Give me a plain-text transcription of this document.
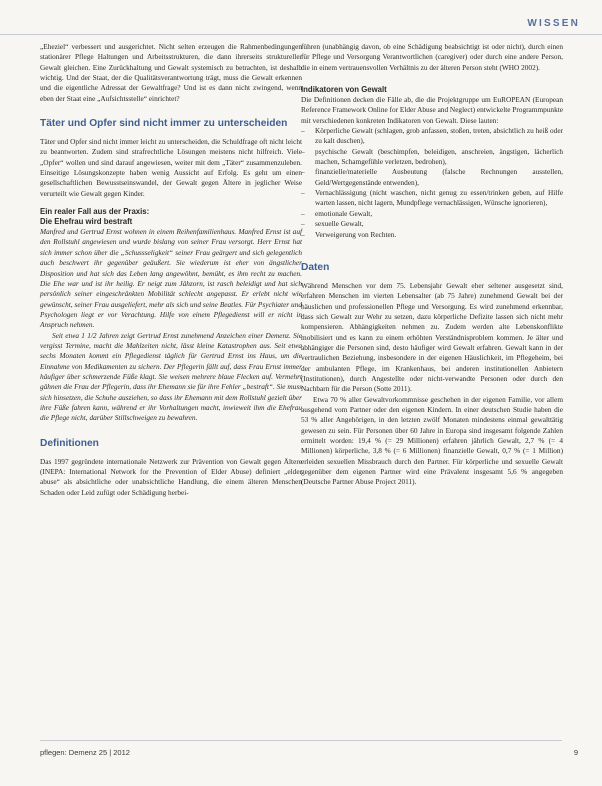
WISSEN

„Eheziel“ verbessert und ausgerichtet. Nicht selten erzeugen die Rahmenbedingungen stationärer Pflege Haltungen und Arbeitsstrukturen, die dann ihrerseits struktureller Gewalt gleichen. Eine Zurückhaltung und Gewalt systemisch zu betrachten, ist deshalb wichtig. Und der Staat, der die Qualitätsverantwortung trägt, muss die Gewalt erkennen und die eigentliche Adressat der Gewaltfrage? Und ist es dann nicht zwingend, wenn eben der Staat eine „Aufsichtsstelle“ einrichtet?

Täter und Opfer sind nicht immer zu unterscheiden

Täter und Opfer sind nicht immer leicht zu unterscheiden, die Schuldfrage oft nicht leicht zu beantworten. Zudem sind strafrechtliche Lösungen meistens nicht hilfreich. Viele „Opfer“ wollen und sind darauf angewiesen, weiter mit dem „Täter“ zusammenzuleben. Einseitige Lösungskonzepte haben wenig Aussicht auf Erfolg. Es geht um einen gesellschaftlichen Bewusstseinswandel, der Gewalt gegen Ältere in jeglicher Weise verurteilt wie Gewalt gegen Kinder.

Ein realer Fall aus der Praxis:
Die Ehefrau wird bestraft

Manfred und Gertrud Ernst wohnen in einem Reihenfamilienhaus. Manfred Ernst ist auf den Rollstuhl angewiesen und wurde bislang von seiner Frau versorgt. Herr Ernst hat sich immer schon über die „Schussseligkeit“ seiner Frau geärgert und sich gelegentlich auch beschwert ihr gegenüber geäußert. Sie wiederum ist eher von ängstlicher Disposition und hat sich das Leben lang angewöhnt, bemüht, es ihm recht zu machen. Die Ehe war und ist ihr heilig. Er neigt zum Jähzorn, ist rasch beleidigt und hat sich persönlich seiner eingeschränkten Mobilität schlecht angepasst. Er erlebt nicht wie gewünscht, seiner Frau ausgeliefert, mehr als sich und seine Beatles. Für Psychiater und Psychologen liegt er vor Verachtung. Hilfe von einem Pflegedienst will er nicht in Anspruch nehmen.

Seit etwa 1 1/2 Jahren zeigt Gertrud Ernst zunehmend Anzeichen einer Demenz. Sie vergisst Termine, macht die Mahlzeiten nicht, lässt kleine Katastrophen aus. Seit etwa sechs Monaten kommt ein Pflegedienst täglich für Gertrud Ernst ins Haus, um die Einnahme von Medikamenten zu sichern. Der Pflegerin fällt auf, dass Frau Ernst immer häufiger über schmerzende Füße klagt. Sie weisen mehrere blaue Flecken auf. Vermehrt gähnen die Frau der Pflegerin, dass ihr Ehemann sie für ihre Fehler „bestraft“. Sie muss sich hinsetzen, die Schuhe ausziehen, so dass ihr Ehemann mit dem Rollstuhl gezielt über ihre Füße fahren kann, während er ihr Vorhaltungen macht, inwieweit ihm die Ehefrau die Pflege nicht, darüber Stillschweigen zu bewahren.

Definitionen

Das 1997 gegründete internationale Netzwerk zur Prävention von Gewalt gegen Ältere (INEPA: International Network for the Prevention of Elder Abuse) definiert „elder abuse“ als absichtliche oder unabsichtliche Handlung, die einem älteren Menschen Schaden oder Leid zufügt oder Schädigung herbei-

führen (unabhängig davon, ob eine Schädigung beabsichtigt ist oder nicht), durch einen für Pflege und Versorgung Verantwortlichen (caregiver) oder durch eine andere Person, die in einem vertrauensvollen Verhältnis zu der älteren Person steht (WHO 2002).

Indikatoren von Gewalt

Die Definitionen decken die Fälle ab, die die Projektgruppe um EuROPEAN (European Reference Framework Online for Elder Abuse and Neglect) entwickelte Programmpunkte mit verschiedenen konkreten Indikatoren von Gewalt. Diese lauten:

– Körperliche Gewalt (schlagen, grob anfassen, stoßen, treten, absichtlich zu heiß oder zu kalt duschen),
– psychische Gewalt (beschimpfen, beleidigen, anschreien, ängstigen, lächerlich machen, Schamgefühle verletzen, bedrohen),
– finanzielle/materielle Ausbeutung (falsche Rechnungen ausstellen, Geld/Wertgegenstände entwenden),
– Vernachlässigung (nicht waschen, nicht genug zu essen/trinken geben, auf Hilfe warten lassen, nicht lagern, Mundpflege vernachlässigen, Wünsche ignorieren),
– emotionale Gewalt,
– sexuelle Gewalt,
– Verweigerung von Rechten.
Daten

Während Menschen vor dem 75. Lebensjahr Gewalt eher seltener ausgesetzt sind, erfahren Menschen im vierten Lebensalter (ab 75 Jahre) zunehmend Gewalt bei der häuslichen und professionellen Pflege und Versorgung. Es wird zunehmend erkennbar, dass sich Gewalt zur Wehr zu setzen, dazu körperliche Defizite lassen sich nicht mehr kompensieren. Abhängigkeiten nehmen zu. Zudem werden alte Lebenskonflikte mobilisiert und es kann zu einem erhöhten Verständnisproblem kommen. Je älter und abhängiger die Personen sind, desto häufiger wird Gewalt erfahren. Gewalt kann in der vertraulichen Beziehung, insbesondere in der eigenen Häuslichkeit, im Pflegeheim, bei der ambulanten Pflege, im Krankenhaus, bei anderen institutionellen Anbietern (Institutionen), durch Angestellte oder nicht-verwandte Personen oder durch den Nachbarn für die Person (Sotte 2011).

Etwa 70 % aller Gewaltvorkommnisse geschehen in der eigenen Familie, vor allem ausgehend vom Partner oder den eigenen Kindern. In einer deutschen Studie haben die 53 % aller Angehörigen, in den letzten zwölf Monaten mindestens einmal gewalttätig gewesen zu sein. Für Personen über 60 Jahre in Europa sind insgesamt folgende Zahlen ermittelt worden: 19,4 % (= 29 Millionen) erfahren jährlich Gewalt, 2,7 % (= 4 Millionen) körperliche, 3,8 % (= 6 Millionen) finanzielle Gewalt, 0,7 % (= 1 Million) erleiden sexuellen Missbrauch durch den Partner. Für körperliche und sexuelle Gewalt gegenüber dem eigenen Partner wird eine Prävalenz insgesamt 5,6 % angegeben (Deutsche Partner Abuse Project 2011).

pflegen: Demenz 25 | 2012	9
